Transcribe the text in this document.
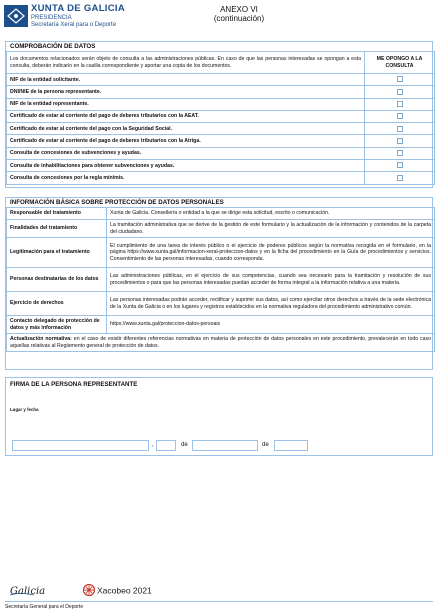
XUNTA DE GALICIA
PRESIDENCIA
Secretaría Xeral para o Deporte
ANEXO VI
(continuación)
COMPROBACIÓN DE DATOS
Los documentos relacionados serán objeto de consulta a las administraciones públicas. En caso de que las personas interesadas se opongan a esta consulta, deberán indicarlo en la casilla correspondiente y aportar una copia de los documentos.	ME OPONGO A LA CONSULTA
NIF de la entidad solicitante.	
DNI/NIE de la persona representante.	
NIF de la entidad representante.	
Certificado de estar al corriente del pago de deberes tributarios con la AEAT.	
Certificado de estar al corriente del pago con la Seguridad Social.	
Certificado de estar al corriente del pago de deberes tributarios con la Atriga.	
Consulta de concesiones de subvenciones y ayudas.	
Consulta de inhabilitaciones para obtener subvenciones y ayudas.	
Consulta de concesiones por la regla mínimis.	
INFORMACIÓN BÁSICA SOBRE PROTECCIÓN DE DATOS PERSONALES
Responsable del tratamiento	Xunta de Galicia. Consellería o entidad a la que se dirige esta solicitud, escrito o comunicación.
Finalidades del tratamiento	La tramitación administrativa que se derive de la gestión de este formulario y la actualización de la información y contenidos de la carpeta del ciudadano.
Legitimación para el tratamiento	El cumplimiento de una tarea de interés público o el ejercicio de poderes públicos según la normativa recogida en el formulario, en la página https://www.xunta.gal/informacion-xeral-proteccion-datos y en la ficha del procedimiento en la Guía de procedimientos y servicios. Consentimiento de las personas interesadas, cuando corresponda.
Personas destinatarias de los datos	Las administraciones públicas, en el ejercicio de sus competencias, cuando sea necesario para la tramitación y resolución de sus procedimientos o para que las personas interesadas puedan acceder de forma integral a la información relativa a una materia.
Ejercicio de derechos	Las personas interesadas podrán acceder, rectificar y suprimir sus datos, así como ejercitar otros derechos a través de la sede electrónica de la Xunta de Galicia o en los lugares y registros establecidos en la normativa reguladora del procedimiento administrativo común.
Contacto delegado de protección de datos y más información	https://www.xunta.gal/proteccion-datos-persoais
Actualización normativa: en el caso de existir diferentes referencias normativas en materia de protección de datos personales en este procedimiento, prevalecerán en todo caso aquellas relativas al Reglamento general de protección de datos.	
FIRMA DE LA PERSONA REPRESENTANTE
Lugar y fecha
,	de	de
Galicia	Xacobeo 2021
Secretaría General para el Deporte
